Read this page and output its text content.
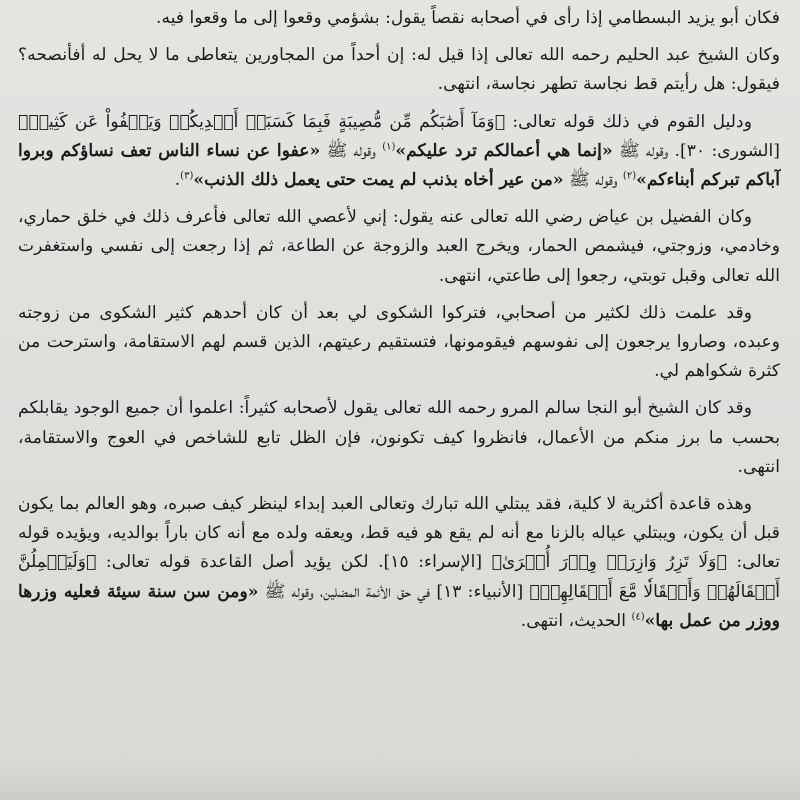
فكان أبو يزيد البسطامي إذا رأى في أصحابه نقصاً يقول: بشؤمي وقعوا إلى ما وقعوا فيه.

وكان الشيخ عبد الحليم رحمه الله تعالى إذا قيل له: إن أحداً من المجاورين يتعاطى ما لا يحل له أفأنصحه؟ فيقول: هل رأيتم قط نجاسة تطهر نجاسة، انتهى.

ودليل القوم في ذلك قوله تعالى: ﴿وَمَآ أَصَٰبَكُم مِّن مُّصِيبَةٍ فَبِمَا كَسَبَتۡ أَيۡدِيكُمۡ وَيَعۡفُواْ عَن كَثِيرٖ﴾ [الشورى: ٣٠]. وقوله ﷺ «إنما هي أعمالكم ترد عليكم»$^{(١)}$ وقوله ﷺ «عفوا عن نساء الناس تعف نساؤكم وبروا آباكم تبركم أبناءكم»$^{(٢)}$ وقوله ﷺ «من عير أخاه بذنب لم يمت حتى يعمل ذلك الذنب»$^{(٣)}$.

وكان الفضيل بن عياض رضي الله تعالى عنه يقول: إني لأعصي الله تعالى فأعرف ذلك في خلق حماري، وخادمي، وزوجتي، فيشمص الحمار، ويخرج العبد والزوجة عن الطاعة، ثم إذا رجعت إلى نفسي واستغفرت الله تعالى وقبل توبتي، رجعوا إلى طاعتي، انتهى.

وقد علمت ذلك لكثير من أصحابي، فتركوا الشكوى لي بعد أن كان أحدهم كثير الشكوى من زوجته وعبده، وصاروا يرجعون إلى نفوسهم فيقومونها، فتستقيم رعيتهم، الذين قسم لهم الاستقامة، واسترحت من كثرة شكواهم لي.

وقد كان الشيخ أبو النجا سالم المرو رحمه الله تعالى يقول لأصحابه كثيراً: اعلموا أن جميع الوجود يقابلكم بحسب ما برز منكم من الأعمال، فانظروا كيف تكونون، فإن الظل تابع للشاخص في العوج والاستقامة، انتهى.

وهذه قاعدة أكثرية لا كلية، فقد يبتلي الله تبارك وتعالى العبد إبداء لينظر كيف صبره، وهو العالم بما يكون قبل أن يكون، ويبتلي عياله بالزنا مع أنه لم يقع هو فيه قط، ويعقه ولده مع أنه كان باراً بوالديه، ويؤيده قوله تعالى: ﴿وَلَا تَزِرُ وَازِرَةٞ وِزۡرَ أُخۡرَىٰ﴾ [الإسراء: ١٥]. لكن يؤيد أصل القاعدة قوله تعالى: ﴿وَلَيَحۡمِلُنَّ أَثۡقَالَهُمۡ وَأَثۡقَالٗا مَّعَ أَثۡقَالِهِمۡ﴾ [الأنبياء: ١٣] في حق الأئمة المضلين، وقوله ﷺ «ومن سن سنة سيئة فعليه وزرها ووزر من عمل بها»$^{(٤)}$ الحديث، انتهى.
